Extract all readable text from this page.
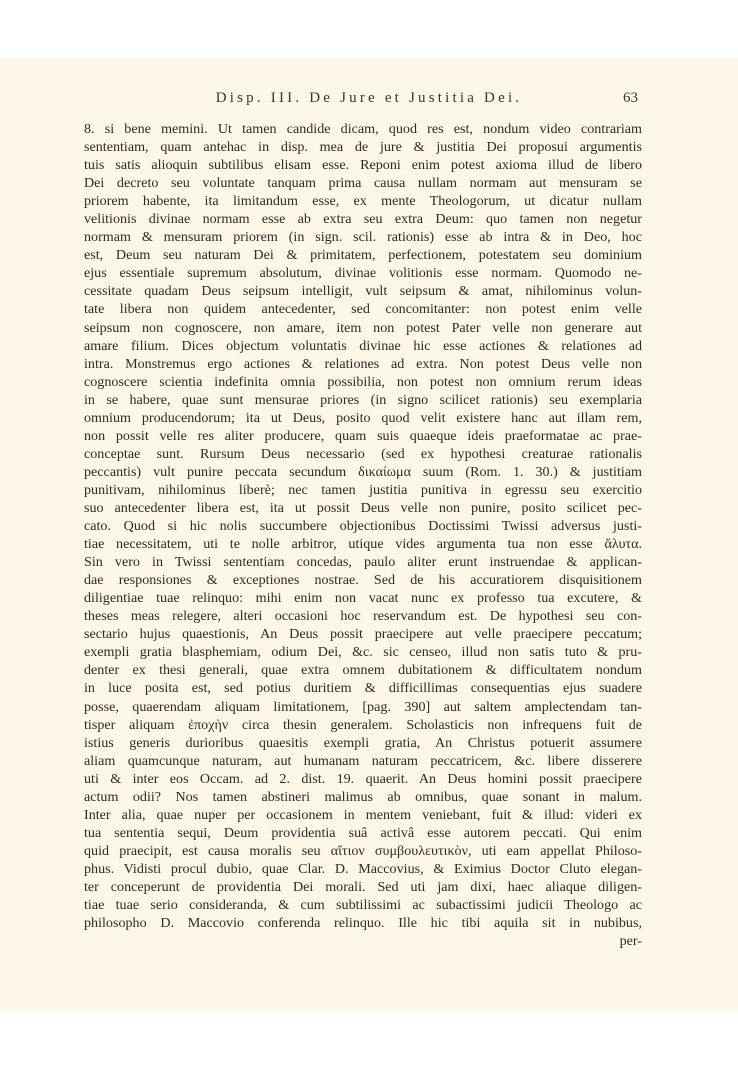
Disp. III. De Jure et Justitia Dei.	63
8. si bene memini. Ut tamen candide dicam, quod res est, nondum video contrariam
sententiam, quam antehac in disp. mea de jure & justitia Dei proposui argumentis
tuis satis alioquin subtilibus elisam esse. Reponi enim potest axioma illud de libero
Dei decreto seu voluntate tanquam prima causa nullam normam aut mensuram se
priorem habente, ita limitandum esse, ex mente Theologorum, ut dicatur nullam
velitionis divinae normam esse ab extra seu extra Deum: quo tamen non negetur
normam & mensuram priorem (in sign. scil. rationis) esse ab intra & in Deo, hoc
est, Deum seu naturam Dei & primitatem, perfectionem, potestatem seu dominium
ejus essentiale supremum absolutum, divinae volitionis esse normam. Quomodo ne-
cessitate quadam Deus seipsum intelligit, vult seipsum & amat, nihilominus volun-
tate libera non quidem antecedenter, sed concomitanter: non potest enim velle
seipsum non cognoscere, non amare, item non potest Pater velle non generare aut
amare filium. Dices objectum voluntatis divinae hic esse actiones & relationes ad
intra. Monstremus ergo actiones & relationes ad extra. Non potest Deus velle non
cognoscere scientia indefinita omnia possibilia, non potest non omnium rerum ideas
in se habere, quae sunt mensurae priores (in signo scilicet rationis) seu exemplaria
omnium producendorum; ita ut Deus, posito quod velit existere hanc aut illam rem,
non possit velle res aliter producere, quam suis quaeque ideis praeformatae ac prae-
conceptae sunt. Rursum Deus necessario (sed ex hypothesi creaturae rationalis
peccantis) vult punire peccata secundum δικαίωμα suum (Rom. 1. 30.) & justitiam
punitivam, nihilominus liberè; nec tamen justitia punitiva in egressu seu exercitio
suo antecedenter libera est, ita ut possit Deus velle non punire, posito scilicet pec-
cato. Quod si hic nolis succumbere objectionibus Doctissimi Twissi adversus justi-
tiae necessitatem, uti te nolle arbitror, utique vides argumenta tua non esse ἄλυτα.
Sin vero in Twissi sententiam concedas, paulo aliter erunt instruendae & applican-
dae responsiones & exceptiones nostrae. Sed de his accuratiorem disquisitionem
diligentiae tuae relinquo: mihi enim non vacat nunc ex professo tua excutere, &
theses meas relegere, alteri occasioni hoc reservandum est. De hypothesi seu con-
sectario hujus quaestionis, An Deus possit praecipere aut velle praecipere peccatum;
exempli gratia blasphemiam, odium Dei, &c. sic censeo, illud non satis tuto & pru-
denter ex thesi generali, quae extra omnem dubitationem & difficultatem nondum
in luce posita est, sed potius duritiem & difficillimas consequentias ejus suadere
posse, quaerendam aliquam limitationem, [pag. 390] aut saltem amplectendam tan-
tisper aliquam ἐποχὴν circa thesin generalem. Scholasticis non infrequens fuit de
istius generis durioribus quaesitis exempli gratia, An Christus potuerit assumere
aliam quamcunque naturam, aut humanam naturam peccatricem, &c. libere disserere
uti & inter eos Occam. ad 2. dist. 19. quaerit. An Deus homini possit praecipere
actum odii? Nos tamen abstineri malimus ab omnibus, quae sonant in malum.
Inter alia, quae nuper per occasionem in mentem veniebant, fuit & illud: videri ex
tua sententia sequi, Deum providentia suâ activâ esse autorem peccati. Qui enim
quid praecipit, est causa moralis seu αἴτιον συμβουλευτικὸν, uti eam appellat Philoso-
phus. Vidisti procul dubio, quae Clar. D. Maccovius, & Eximius Doctor Cluto elegan-
ter conceperunt de providentia Dei morali. Sed uti jam dixi, haec aliaque diligen-
tiae tuae serio consideranda, & cum subtilissimi ac subactissimi judicii Theologo ac
philosopho D. Maccovio conferenda relinquo. Ille hic tibi aquila sit in nubibus,
per-
